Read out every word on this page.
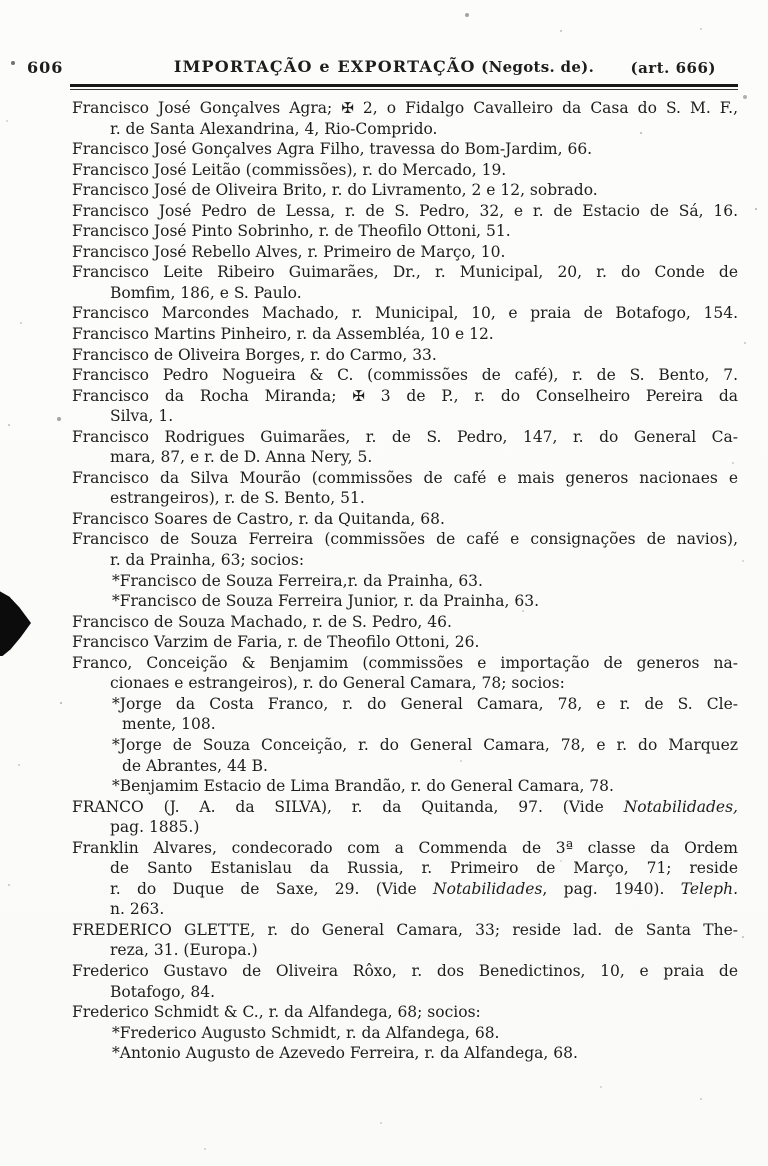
606	IMPORTAÇÃO e EXPORTAÇÃO (Negots. de).	(art. 666)
Francisco José Gonçalves Agra; ✠ 2, o Fidalgo Cavalleiro da Casa do S. M. F.,
r. de Santa Alexandrina, 4, Rio-Comprido.
Francisco José Gonçalves Agra Filho, travessa do Bom-Jardim, 66.
Francisco José Leitão (commissões), r. do Mercado, 19.
Francisco José de Oliveira Brito, r. do Livramento, 2 e 12, sobrado.
Francisco José Pedro de Lessa, r. de S. Pedro, 32, e r. de Estacio de Sá, 16.
Francisco José Pinto Sobrinho, r. de Theofilo Ottoni, 51.
Francisco José Rebello Alves, r. Primeiro de Março, 10.
Francisco Leite Ribeiro Guimarães, Dr., r. Municipal, 20, r. do Conde de
Bomfim, 186, e S. Paulo.
Francisco Marcondes Machado, r. Municipal, 10, e praia de Botafogo, 154.
Francisco Martins Pinheiro, r. da Assembléa, 10 e 12.
Francisco de Oliveira Borges, r. do Carmo, 33.
Francisco Pedro Nogueira & C. (commissões de café), r. de S. Bento, 7.
Francisco da Rocha Miranda; ✠ 3 de P., r. do Conselheiro Pereira da
Silva, 1.
Francisco Rodrigues Guimarães, r. de S. Pedro, 147, r. do General Ca-
mara, 87, e r. de D. Anna Nery, 5.
Francisco da Silva Mourão (commissões de café e mais generos nacionaes e
estrangeiros), r. de S. Bento, 51.
Francisco Soares de Castro, r. da Quitanda, 68.
Francisco de Souza Ferreira (commissões de café e consignações de navios),
r. da Prainha, 63; socios:
*Francisco de Souza Ferreira,r. da Prainha, 63.
*Francisco de Souza Ferreira Junior, r. da Prainha, 63.
Francisco de Souza Machado, r. de S. Pedro, 46.
Francisco Varzim de Faria, r. de Theofilo Ottoni, 26.
Franco, Conceição & Benjamim (commissões e importação de generos na-
cionaes e estrangeiros), r. do General Camara, 78; socios:
*Jorge da Costa Franco, r. do General Camara, 78, e r. de S. Cle-
mente, 108.
*Jorge de Souza Conceição, r. do General Camara, 78, e r. do Marquez
de Abrantes, 44 B.
*Benjamim Estacio de Lima Brandão, r. do General Camara, 78.
FRANCO (J. A. da SILVA), r. da Quitanda, 97. (Vide Notabilidades,
pag. 1885.)
Franklin Alvares, condecorado com a Commenda de 3ª classe da Ordem
de Santo Estanislau da Russia, r. Primeiro de Março, 71; reside
r. do Duque de Saxe, 29. (Vide Notabilidades, pag. 1940). Teleph.
n. 263.
FREDERICO GLETTE, r. do General Camara, 33; reside lad. de Santa The-
reza, 31. (Europa.)
Frederico Gustavo de Oliveira Rôxo, r. dos Benedictinos, 10, e praia de
Botafogo, 84.
Frederico Schmidt & C., r. da Alfandega, 68; socios:
*Frederico Augusto Schmidt, r. da Alfandega, 68.
*Antonio Augusto de Azevedo Ferreira, r. da Alfandega, 68.
